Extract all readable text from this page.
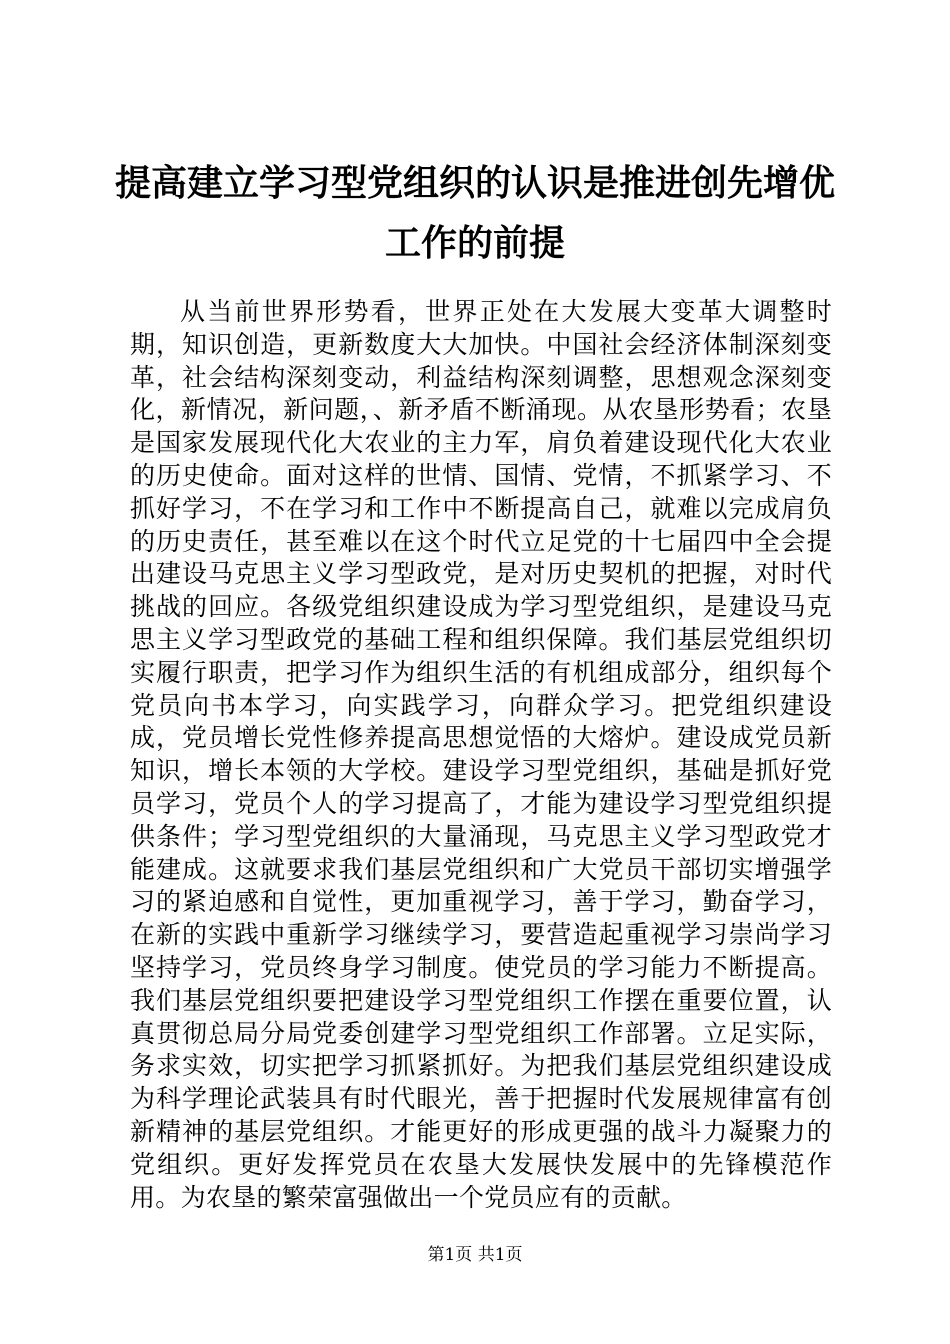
提高建立学习型党组织的认识是推进创先增优
工作的前提

从当前世界形势看，世界正处在大发展大变革大调整时期，知识创造，更新数度大大加快。中国社会经济体制深刻变革，社会结构深刻变动，利益结构深刻调整，思想观念深刻变化，新情况，新问题，、新矛盾不断涌现。从农垦形势看；农垦是国家发展现代化大农业的主力军，肩负着建设现代化大农业的历史使命。面对这样的世情、国情、党情，不抓紧学习、不抓好学习，不在学习和工作中不断提高自己，就难以完成肩负的历史责任，甚至难以在这个时代立足党的十七届四中全会提出建设马克思主义学习型政党，是对历史契机的把握，对时代挑战的回应。各级党组织建设成为学习型党组织，是建设马克思主义学习型政党的基础工程和组织保障。我们基层党组织切实履行职责，把学习作为组织生活的有机组成部分，组织每个党员向书本学习，向实践学习，向群众学习。把党组织建设成，党员增长党性修养提高思想觉悟的大熔炉。建设成党员新知识，增长本领的大学校。建设学习型党组织，基础是抓好党员学习，党员个人的学习提高了，才能为建设学习型党组织提供条件；学习型党组织的大量涌现，马克思主义学习型政党才能建成。这就要求我们基层党组织和广大党员干部切实增强学习的紧迫感和自觉性，更加重视学习，善于学习，勤奋学习，在新的实践中重新学习继续学习，要营造起重视学习崇尚学习坚持学习，党员终身学习制度。使党员的学习能力不断提高。我们基层党组织要把建设学习型党组织工作摆在重要位置，认真贯彻总局分局党委创建学习型党组织工作部署。立足实际，务求实效，切实把学习抓紧抓好。为把我们基层党组织建设成为科学理论武装具有时代眼光，善于把握时代发展规律富有创新精神的基层党组织。才能更好的形成更强的战斗力凝聚力的党组织。更好发挥党员在农垦大发展快发展中的先锋模范作用。为农垦的繁荣富强做出一个党员应有的贡献。

第1页 共1页
